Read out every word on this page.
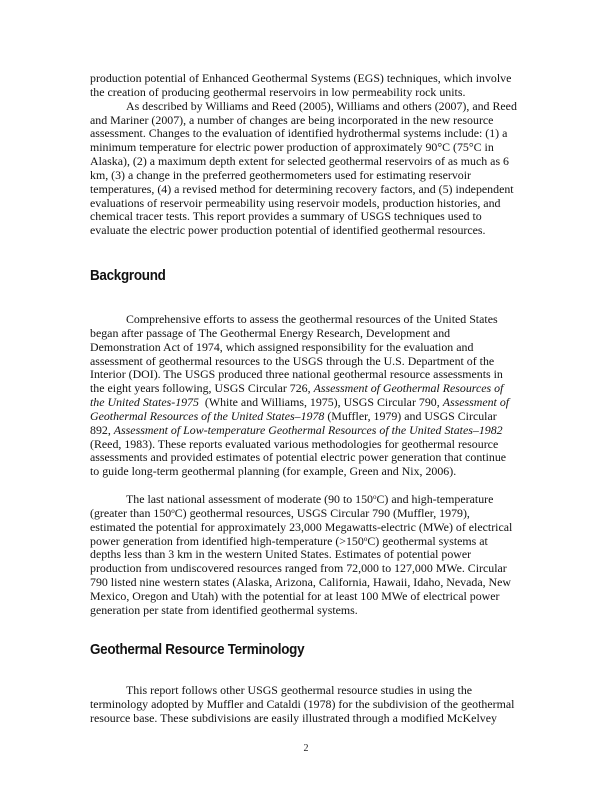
production potential of Enhanced Geothermal Systems (EGS) techniques, which involve
the creation of producing geothermal reservoirs in low permeability rock units.
As described by Williams and Reed (2005), Williams and others (2007), and Reed
and Mariner (2007), a number of changes are being incorporated in the new resource
assessment. Changes to the evaluation of identified hydrothermal systems include: (1) a
minimum temperature for electric power production of approximately 90°C (75°C in
Alaska), (2) a maximum depth extent for selected geothermal reservoirs of as much as 6
km, (3) a change in the preferred geothermometers used for estimating reservoir
temperatures, (4) a revised method for determining recovery factors, and (5) independent
evaluations of reservoir permeability using reservoir models, production histories, and
chemical tracer tests. This report provides a summary of USGS techniques used to
evaluate the electric power production potential of identified geothermal resources.
Background
Comprehensive efforts to assess the geothermal resources of the United States
began after passage of The Geothermal Energy Research, Development and
Demonstration Act of 1974, which assigned responsibility for the evaluation and
assessment of geothermal resources to the USGS through the U.S. Department of the
Interior (DOI). The USGS produced three national geothermal resource assessments in
the eight years following, USGS Circular 726, Assessment of Geothermal Resources of
the United States-1975  (White and Williams, 1975), USGS Circular 790, Assessment of
Geothermal Resources of the United States–1978 (Muffler, 1979) and USGS Circular
892, Assessment of Low-temperature Geothermal Resources of the United States–1982
(Reed, 1983). These reports evaluated various methodologies for geothermal resource
assessments and provided estimates of potential electric power generation that continue
to guide long-term geothermal planning (for example, Green and Nix, 2006).
The last national assessment of moderate (90 to 150$^o$C) and high-temperature
(greater than 150$^o$C) geothermal resources, USGS Circular 790 (Muffler, 1979),
estimated the potential for approximately 23,000 Megawatts-electric (MWe) of electrical
power generation from identified high-temperature $(>150^oC)$ geothermal systems at
depths less than 3 km in the western United States. Estimates of potential power
production from undiscovered resources ranged from 72,000 to 127,000 MWe. Circular
790 listed nine western states (Alaska, Arizona, California, Hawaii, Idaho, Nevada, New
Mexico, Oregon and Utah) with the potential for at least 100 MWe of electrical power
generation per state from identified geothermal systems.
Geothermal Resource Terminology
This report follows other USGS geothermal resource studies in using the
terminology adopted by Muffler and Cataldi (1978) for the subdivision of the geothermal
resource base. These subdivisions are easily illustrated through a modified McKelvey
2
